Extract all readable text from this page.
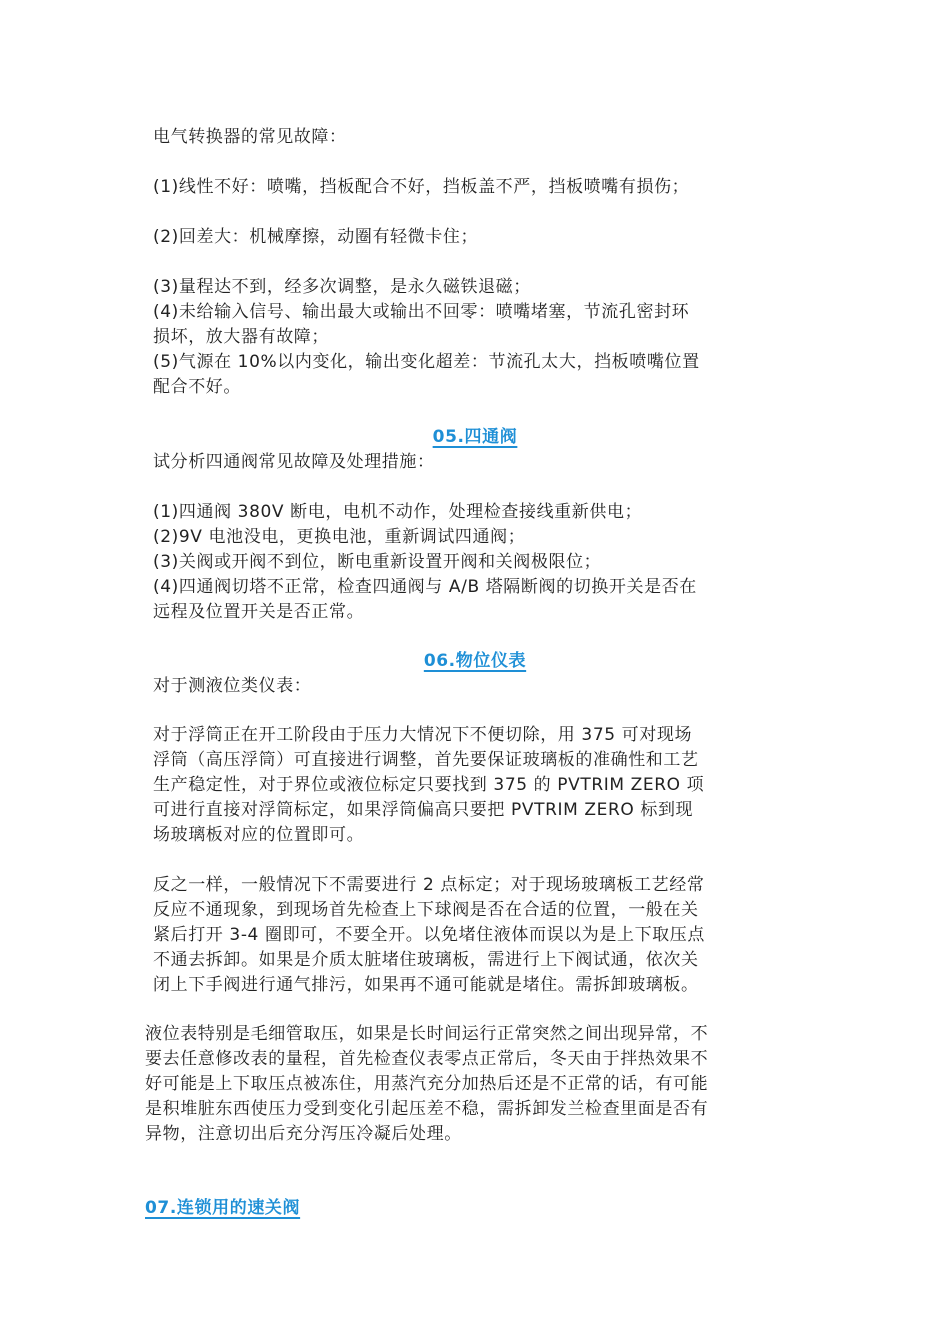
电气转换器的常见故障：
(1)线性不好：喷嘴，挡板配合不好，挡板盖不严，挡板喷嘴有损伤；
(2)回差大：机械摩擦，动圈有轻微卡住；
(3)量程达不到，经多次调整，是永久磁铁退磁；
(4)未给输入信号、输出最大或输出不回零：喷嘴堵塞，节流孔密封环
损坏，放大器有故障；
(5)气源在 10%以内变化，输出变化超差：节流孔太大，挡板喷嘴位置
配合不好。
05.四通阀
试分析四通阀常见故障及处理措施：
(1)四通阀 380V 断电，电机不动作，处理检查接线重新供电；
(2)9V 电池没电，更换电池，重新调试四通阀；
(3)关阀或开阀不到位，断电重新设置开阀和关阀极限位；
(4)四通阀切塔不正常，检查四通阀与 A/B 塔隔断阀的切换开关是否在
远程及位置开关是否正常。
06.物位仪表
对于测液位类仪表：
对于浮筒正在开工阶段由于压力大情况下不便切除，用 375 可对现场
浮筒（高压浮筒）可直接进行调整，首先要保证玻璃板的准确性和工艺
生产稳定性，对于界位或液位标定只要找到 375 的 PVTRIM ZERO 项
可进行直接对浮筒标定，如果浮筒偏高只要把 PVTRIM ZERO 标到现
场玻璃板对应的位置即可。
反之一样，一般情况下不需要进行 2 点标定；对于现场玻璃板工艺经常
反应不通现象，到现场首先检查上下球阀是否在合适的位置，一般在关
紧后打开 3-4 圈即可，不要全开。以免堵住液体而误以为是上下取压点
不通去拆卸。如果是介质太脏堵住玻璃板，需进行上下阀试通，依次关
闭上下手阀进行通气排污，如果再不通可能就是堵住。需拆卸玻璃板。
液位表特别是毛细管取压，如果是长时间运行正常突然之间出现异常，不
要去任意修改表的量程，首先检查仪表零点正常后，冬天由于拌热效果不
好可能是上下取压点被冻住，用蒸汽充分加热后还是不正常的话，有可能
是积堆脏东西使压力受到变化引起压差不稳，需拆卸发兰检查里面是否有
异物，注意切出后充分泻压冷凝后处理。
07.连锁用的速关阀
